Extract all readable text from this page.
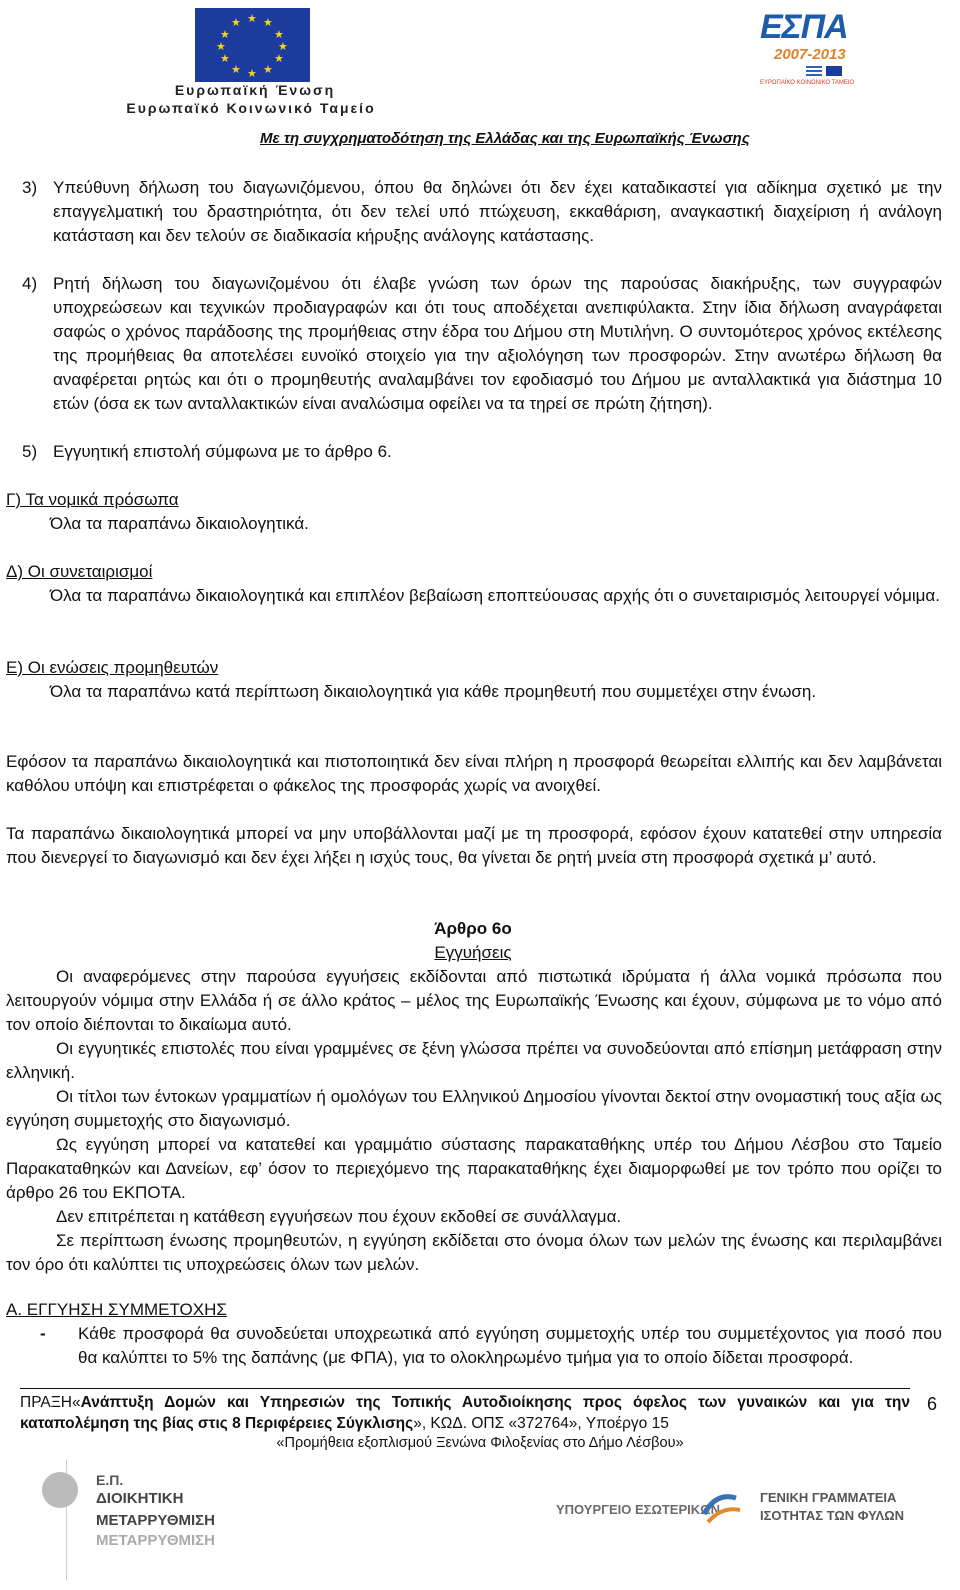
★ ★
★
★
★
★
★
★
★
★
★
★
Ευρωπαϊκή Ένωση
Ευρωπαϊκό Κοινωνικό Ταμείο
ΕΣΠΑ
2007-2013
ΕΥΡΩΠΑΪΚΟ ΚΟΙΝΩΝΙΚΟ ΤΑΜΕΙΟ
Με τη συγχρηματοδότηση της Ελλάδας και της Ευρωπαϊκής Ένωσης
3) Υπεύθυνη δήλωση του διαγωνιζόμενου, όπου θα δηλώνει ότι δεν έχει καταδικαστεί για αδίκημα σχετικό με την επαγγελματική του δραστηριότητα, ότι δεν τελεί υπό πτώχευση, εκκαθάριση, αναγκαστική διαχείριση ή ανάλογη κατάσταση και δεν τελούν σε διαδικασία κήρυξης ανάλογης κατάστασης.
4) Ρητή δήλωση του διαγωνιζομένου ότι έλαβε γνώση των όρων της παρούσας διακήρυξης, των συγγραφών υποχρεώσεων και τεχνικών προδιαγραφών και ότι τους αποδέχεται ανεπιφύλακτα. Στην ίδια δήλωση αναγράφεται σαφώς ο χρόνος παράδοσης της προμήθειας στην έδρα του Δήμου στη Μυτιλήνη. Ο συντομότερος χρόνος εκτέλεσης της προμήθειας θα αποτελέσει ευνοϊκό στοιχείο για την αξιολόγηση των προσφορών. Στην ανωτέρω δήλωση θα αναφέρεται ρητώς και ότι ο προμηθευτής αναλαμβάνει τον εφοδιασμό του Δήμου με ανταλλακτικά για διάστημα 10 ετών (όσα εκ των ανταλλακτικών είναι αναλώσιμα οφείλει να τα τηρεί σε πρώτη ζήτηση).
5) Εγγυητική επιστολή σύμφωνα με το άρθρο 6.
Γ) Τα νομικά πρόσωπα
Όλα τα παραπάνω δικαιολογητικά.
Δ) Οι συνεταιρισμοί
Όλα τα παραπάνω δικαιολογητικά και επιπλέον βεβαίωση εποπτεύουσας αρχής ότι ο συνεταιρισμός λειτουργεί νόμιμα.
Ε) Οι ενώσεις προμηθευτών
Όλα τα παραπάνω κατά περίπτωση δικαιολογητικά για κάθε προμηθευτή που συμμετέχει στην ένωση.
Εφόσον τα παραπάνω δικαιολογητικά και πιστοποιητικά δεν είναι πλήρη η προσφορά θεωρείται ελλιπής και δεν λαμβάνεται καθόλου υπόψη και επιστρέφεται ο φάκελος της προσφοράς χωρίς να ανοιχθεί.
Τα παραπάνω δικαιολογητικά μπορεί να μην υποβάλλονται μαζί με τη προσφορά, εφόσον έχουν κατατεθεί στην υπηρεσία που διενεργεί το διαγωνισμό και δεν έχει λήξει η ισχύς τους, θα γίνεται δε ρητή μνεία στη προσφορά σχετικά μ’ αυτό.
Άρθρο 6ο
Εγγυήσεις
Οι αναφερόμενες στην παρούσα εγγυήσεις εκδίδονται από πιστωτικά ιδρύματα ή άλλα νομικά πρόσωπα που λειτουργούν νόμιμα στην Ελλάδα ή σε άλλο κράτος – μέλος της Ευρωπαϊκής Ένωσης και έχουν, σύμφωνα με το νόμο από τον οποίο διέπονται το δικαίωμα αυτό.
Οι εγγυητικές επιστολές που είναι γραμμένες σε ξένη γλώσσα πρέπει να συνοδεύονται από επίσημη μετάφραση στην ελληνική.
Οι τίτλοι των έντοκων γραμματίων ή ομολόγων του Ελληνικού Δημοσίου γίνονται δεκτοί στην ονομαστική τους αξία ως εγγύηση συμμετοχής στο διαγωνισμό.
Ως εγγύηση μπορεί να κατατεθεί και γραμμάτιο σύστασης παρακαταθήκης υπέρ του Δήμου Λέσβου στο Ταμείο Παρακαταθηκών και Δανείων, εφ’ όσον το περιεχόμενο της παρακαταθήκης έχει διαμορφωθεί με τον τρόπο που ορίζει το άρθρο 26 του ΕΚΠΟΤΑ.
Δεν επιτρέπεται η κατάθεση εγγυήσεων που έχουν εκδοθεί σε συνάλλαγμα.
Σε περίπτωση ένωσης προμηθευτών, η εγγύηση εκδίδεται στο όνομα όλων των μελών της ένωσης και περιλαμβάνει τον όρο ότι καλύπτει τις υποχρεώσεις όλων των μελών.
Α. ΕΓΓΥΗΣΗ ΣΥΜΜΕΤΟΧΗΣ
- Κάθε προσφορά θα συνοδεύεται υποχρεωτικά από εγγύηση συμμετοχής υπέρ του συμμετέχοντος για ποσό που θα καλύπτει το 5% της δαπάνης (με ΦΠΑ), για το ολοκληρωμένο τμήμα για το οποίο δίδεται προσφορά.
ΠΡΑΞΗ«Ανάπτυξη Δομών και Υπηρεσιών της Τοπικής Αυτοδιοίκησης προς όφελος των γυναικών και για την καταπολέμηση της βίας στις 8 Περιφέρειες Σύγκλισης», ΚΩΔ. ΟΠΣ «372764», Υποέργο 15
6
«Προμήθεια εξοπλισμού Ξενώνα Φιλοξενίας στο Δήμο Λέσβου»
Ε.Π.
ΔΙΟΙΚΗΤΙΚΗ
ΜΕΤΑΡΡΥΘΜΙΣΗ
ΜΕΤΑΡΡΥΘΜΙΣΗ
ΥΠΟΥΡΓΕΙΟ ΕΣΩΤΕΡΙΚΩΝ
ΓΕΝΙΚΗ ΓΡΑΜΜΑΤΕΙΑ
ΙΣΟΤΗΤΑΣ ΤΩΝ ΦΥΛΩΝ
